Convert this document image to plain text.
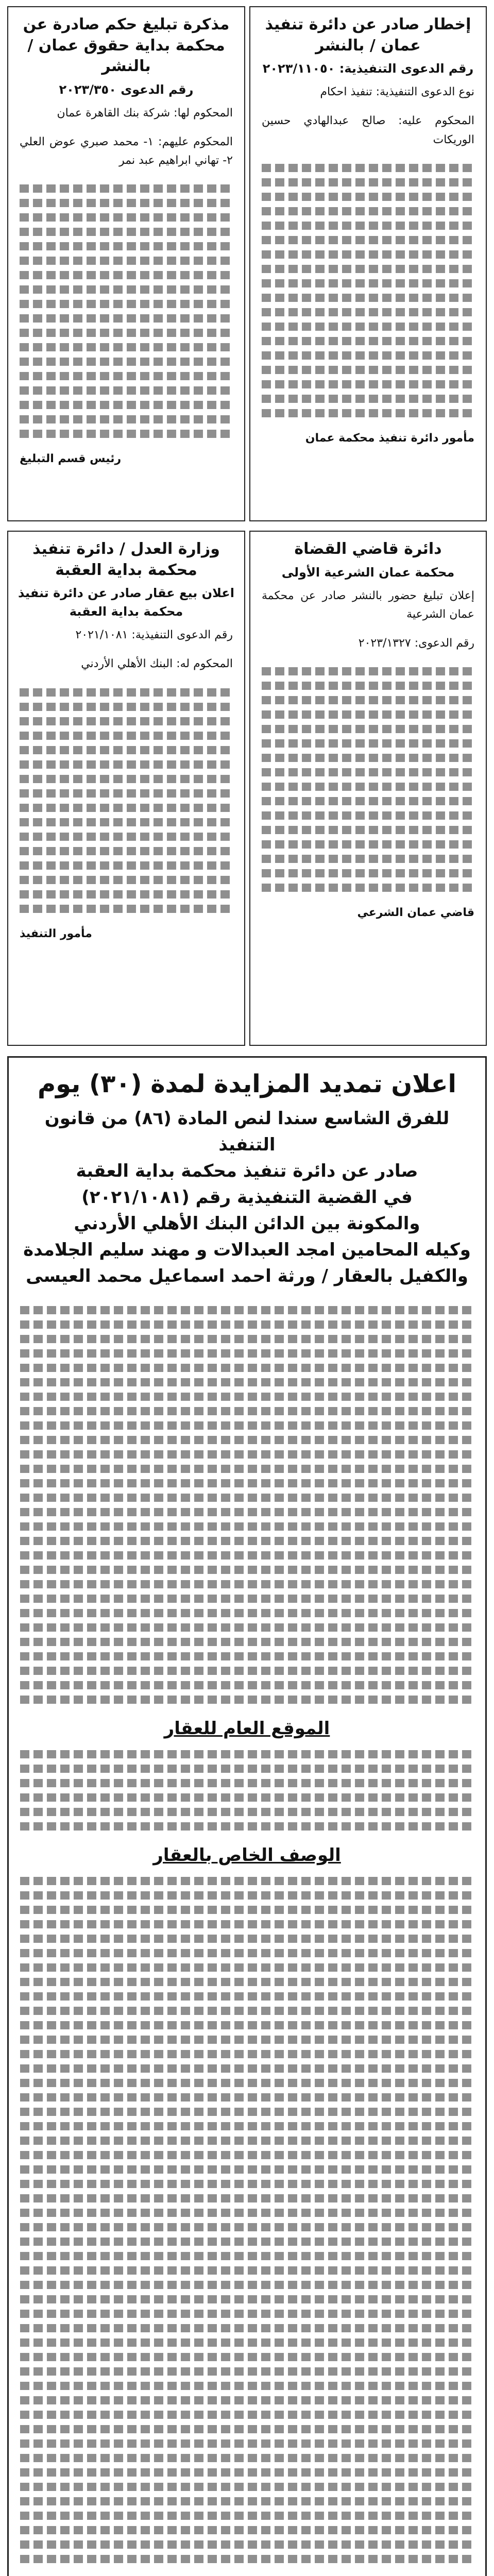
مذكرة تبليغ حكم صادرة عن محكمة بداية حقوق عمان / بالنشر
رقم الدعوى ٢٠٢٣/٣٥٠
المحكوم لها: شركة بنك القاهرة عمان
المحكوم عليهم: ١- محمد صبري عوض العلي ٢- تهاني ابراهيم عبد نمر
رئيس قسم التبليغ
إخطار صادر عن دائرة تنفيذ عمان / بالنشر
رقم الدعوى التنفيذية: ٢٠٢٣/١١٠٥٠
نوع الدعوى التنفيذية: تنفيذ احكام
المحكوم عليه: صالح عبدالهادي حسين الوريكات
مأمور دائرة تنفيذ محكمة عمان
وزارة العدل / دائرة تنفيذ محكمة بداية العقبة
اعلان بيع عقار صادر عن دائرة تنفيذ محكمة بداية العقبة
رقم الدعوى التنفيذية: ٢٠٢١/١٠٨١
المحكوم له: البنك الأهلي الأردني
مأمور التنفيذ
دائرة قاضي القضاة
محكمة عمان الشرعية الأولى
إعلان تبليغ حضور بالنشر صادر عن محكمة عمان الشرعية
رقم الدعوى: ٢٠٢٣/١٣٢٧
قاضي عمان الشرعي
اعلان تمديد المزايدة لمدة (٣٠) يوم
للفرق الشاسع سندا لنص المادة (٨٦) من قانون التنفيذ
صادر عن دائرة تنفيذ محكمة بداية العقبة
في القضية التنفيذية رقم (٢٠٢١/١٠٨١)
والمكونة بين الدائن البنك الأهلي الأردني
وكيله المحامين امجد العبدالات و مهند سليم الجلامدة
والكفيل بالعقار / ورثة احمد اسماعيل محمد العيسى
الموقع العام للعقار
الوصف الخاص بالعقار
